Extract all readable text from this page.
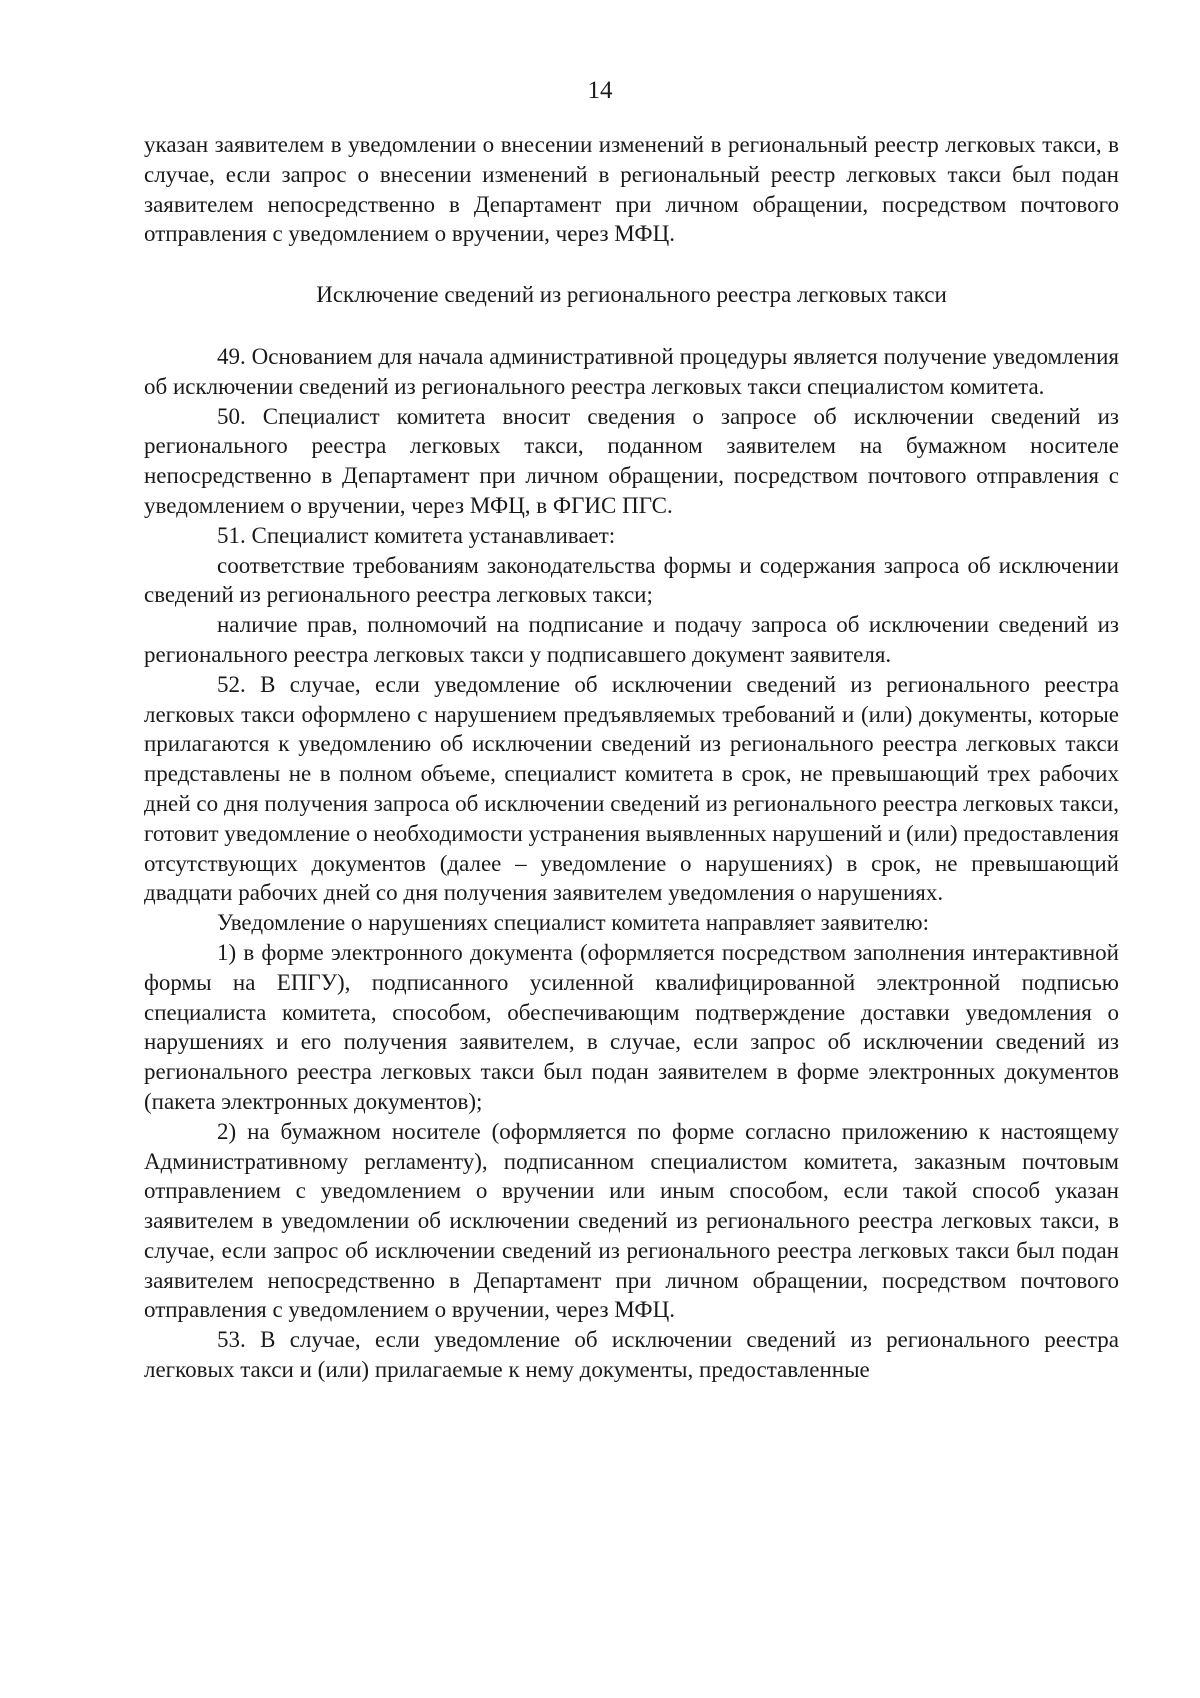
14

указан заявителем в уведомлении о внесении изменений в региональный реестр легковых такси, в случае, если запрос о внесении изменений в региональный реестр легковых такси был подан заявителем непосредственно в Департамент при личном обращении, посредством почтового отправления с уведомлением о вручении, через МФЦ.

Исключение сведений из регионального реестра легковых такси

49. Основанием для начала административной процедуры является получение уведомления об исключении сведений из регионального реестра легковых такси специалистом комитета.

50. Специалист комитета вносит сведения о запросе об исключении сведений из регионального реестра легковых такси, поданном заявителем на бумажном носителе непосредственно в Департамент при личном обращении, посредством почтового отправления с уведомлением о вручении, через МФЦ, в ФГИС ПГС.

51. Специалист комитета устанавливает:

соответствие требованиям законодательства формы и содержания запроса об исключении сведений из регионального реестра легковых такси;

наличие прав, полномочий на подписание и подачу запроса об исключении сведений из регионального реестра легковых такси у подписавшего документ заявителя.

52. В случае, если уведомление об исключении сведений из регионального реестра легковых такси оформлено с нарушением предъявляемых требований и (или) документы, которые прилагаются к уведомлению об исключении сведений из регионального реестра легковых такси представлены не в полном объеме, специалист комитета в срок, не превышающий трех рабочих дней со дня получения запроса об исключении сведений из регионального реестра легковых такси, готовит уведомление о необходимости устранения выявленных нарушений и (или) предоставления отсутствующих документов (далее – уведомление о нарушениях) в срок, не превышающий двадцати рабочих дней со дня получения заявителем уведомления о нарушениях.

Уведомление о нарушениях специалист комитета направляет заявителю:

1) в форме электронного документа (оформляется посредством заполнения интерактивной формы на ЕПГУ), подписанного усиленной квалифицированной электронной подписью специалиста комитета, способом, обеспечивающим подтверждение доставки уведомления о нарушениях и его получения заявителем, в случае, если запрос об исключении сведений из регионального реестра легковых такси был подан заявителем в форме электронных документов (пакета электронных документов);

2) на бумажном носителе (оформляется по форме согласно приложению к настоящему Административному регламенту), подписанном специалистом комитета, заказным почтовым отправлением с уведомлением о вручении или иным способом, если такой способ указан заявителем в уведомлении об исключении сведений из регионального реестра легковых такси, в случае, если запрос об исключении сведений из регионального реестра легковых такси был подан заявителем непосредственно в Департамент при личном обращении, посредством почтового отправления с уведомлением о вручении, через МФЦ.

53. В случае, если уведомление об исключении сведений из регионального реестра легковых такси и (или) прилагаемые к нему документы, предоставленные
